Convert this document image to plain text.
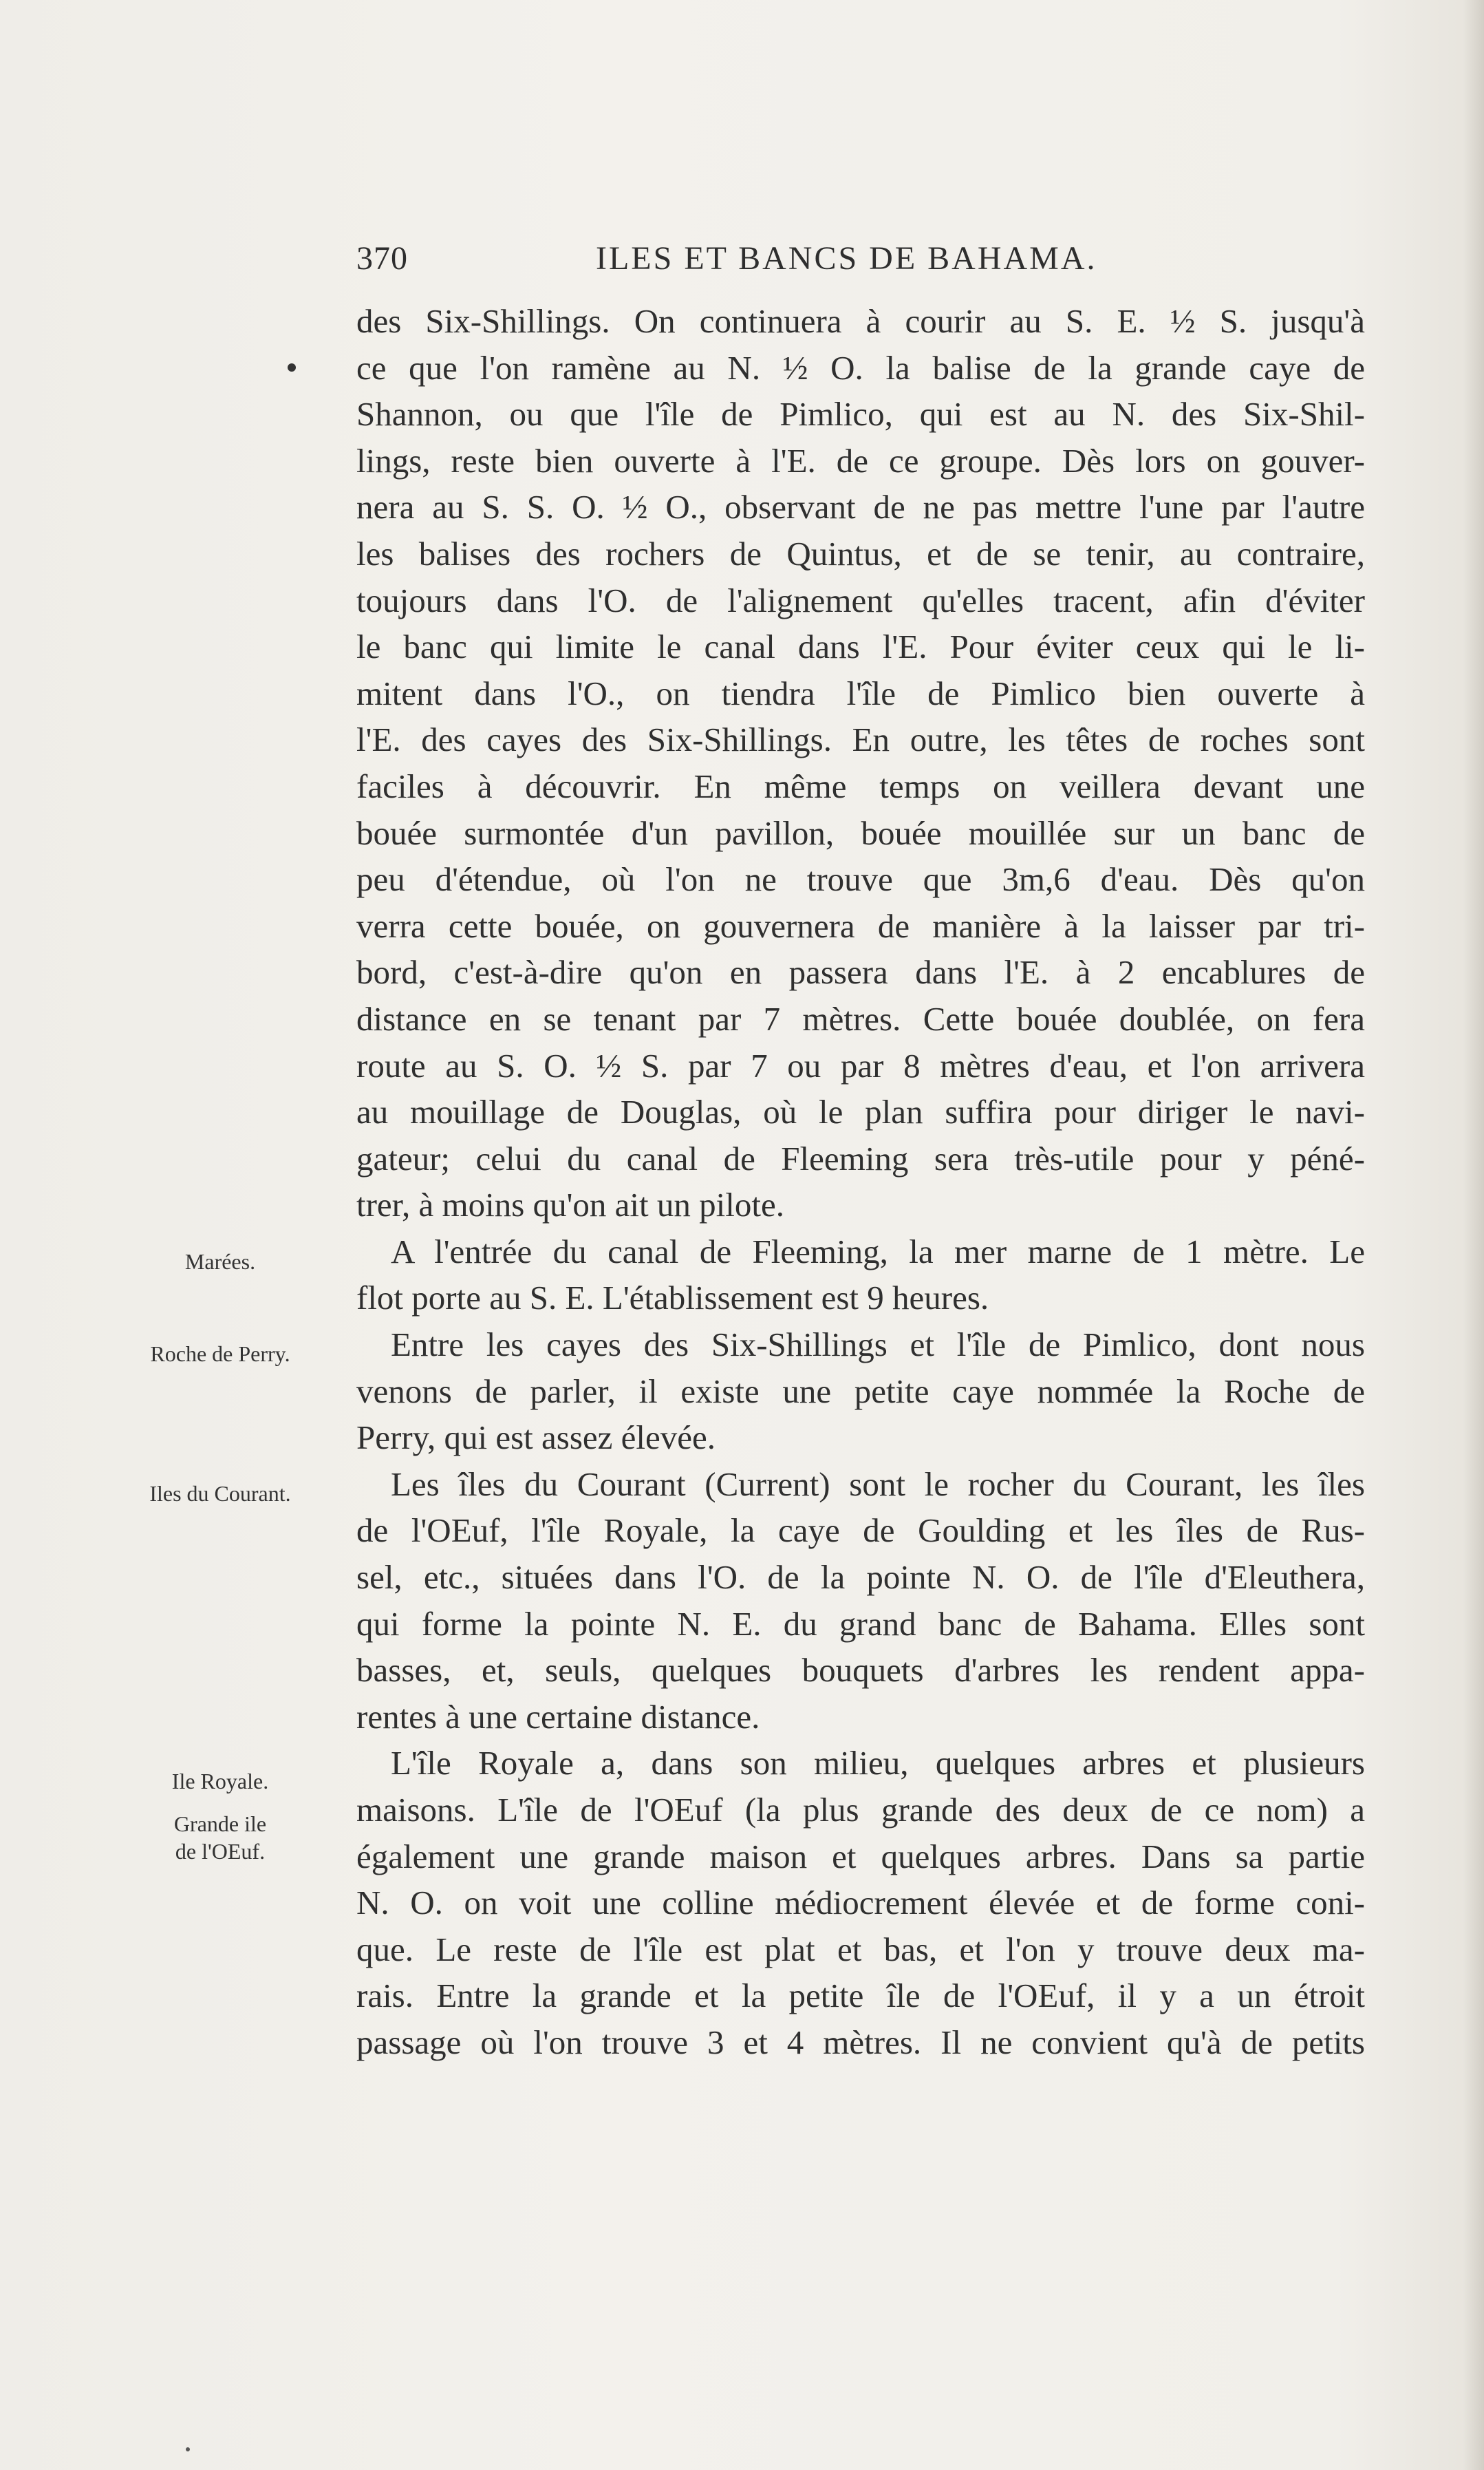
370	ILES ET BANCS DE BAHAMA.
Marées.
Roche de Perry.
Iles du Courant.
Ile Royale.
Grande ile
de l'OEuf.
des Six-Shillings. On continuera à courir au S. E. ½ S. jusqu'à
ce que l'on ramène au N. ½ O. la balise de la grande caye de
Shannon, ou que l'île de Pimlico, qui est au N. des Six-Shil-
lings, reste bien ouverte à l'E. de ce groupe. Dès lors on gouver-
nera au S. S. O. ½ O., observant de ne pas mettre l'une par l'autre
les balises des rochers de Quintus, et de se tenir, au contraire,
toujours dans l'O. de l'alignement qu'elles tracent, afin d'éviter
le banc qui limite le canal dans l'E. Pour éviter ceux qui le li-
mitent dans l'O., on tiendra l'île de Pimlico bien ouverte à
l'E. des cayes des Six-Shillings. En outre, les têtes de roches sont
faciles à découvrir. En même temps on veillera devant une
bouée surmontée d'un pavillon, bouée mouillée sur un banc de
peu d'étendue, où l'on ne trouve que 3m,6 d'eau. Dès qu'on
verra cette bouée, on gouvernera de manière à la laisser par tri-
bord, c'est-à-dire qu'on en passera dans l'E. à 2 encablures de
distance en se tenant par 7 mètres. Cette bouée doublée, on fera
route au S. O. ½ S. par 7 ou par 8 mètres d'eau, et l'on arrivera
au mouillage de Douglas, où le plan suffira pour diriger le navi-
gateur; celui du canal de Fleeming sera très-utile pour y péné-
trer, à moins qu'on ait un pilote.
A l'entrée du canal de Fleeming, la mer marne de 1 mètre. Le
flot porte au S. E. L'établissement est 9 heures.
Entre les cayes des Six-Shillings et l'île de Pimlico, dont nous
venons de parler, il existe une petite caye nommée la Roche de
Perry, qui est assez élevée.
Les îles du Courant (Current) sont le rocher du Courant, les îles
de l'OEuf, l'île Royale, la caye de Goulding et les îles de Rus-
sel, etc., situées dans l'O. de la pointe N. O. de l'île d'Eleuthera,
qui forme la pointe N. E. du grand banc de Bahama. Elles sont
basses, et, seuls, quelques bouquets d'arbres les rendent appa-
rentes à une certaine distance.
L'île Royale a, dans son milieu, quelques arbres et plusieurs
maisons. L'île de l'OEuf (la plus grande des deux de ce nom) a
également une grande maison et quelques arbres. Dans sa partie
N. O. on voit une colline médiocrement élevée et de forme coni-
que. Le reste de l'île est plat et bas, et l'on y trouve deux ma-
rais. Entre la grande et la petite île de l'OEuf, il y a un étroit
passage où l'on trouve 3 et 4 mètres. Il ne convient qu'à de petits
